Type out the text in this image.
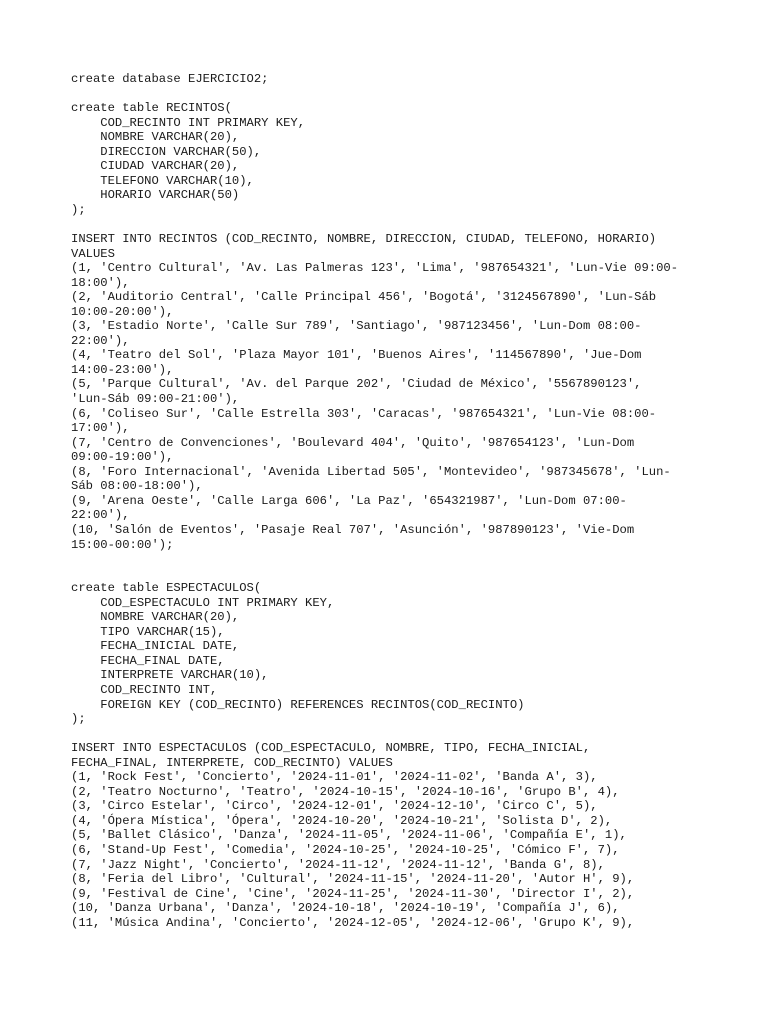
create database EJERCICIO2;
create table RECINTOS(
COD_RECINTO INT PRIMARY KEY,
NOMBRE VARCHAR(20),
DIRECCION VARCHAR(50),
CIUDAD VARCHAR(20),
TELEFONO VARCHAR(10),
HORARIO VARCHAR(50)
);
INSERT INTO RECINTOS (COD_RECINTO, NOMBRE, DIRECCION, CIUDAD, TELEFONO, HORARIO)
VALUES
(1, 'Centro Cultural', 'Av. Las Palmeras 123', 'Lima', '987654321', 'Lun-Vie 09:00-
18:00'),
(2, 'Auditorio Central', 'Calle Principal 456', 'Bogotá', '3124567890', 'Lun-Sáb
10:00-20:00'),
(3, 'Estadio Norte', 'Calle Sur 789', 'Santiago', '987123456', 'Lun-Dom 08:00-
22:00'),
(4, 'Teatro del Sol', 'Plaza Mayor 101', 'Buenos Aires', '114567890', 'Jue-Dom
14:00-23:00'),
(5, 'Parque Cultural', 'Av. del Parque 202', 'Ciudad de México', '5567890123',
'Lun-Sáb 09:00-21:00'),
(6, 'Coliseo Sur', 'Calle Estrella 303', 'Caracas', '987654321', 'Lun-Vie 08:00-
17:00'),
(7, 'Centro de Convenciones', 'Boulevard 404', 'Quito', '987654123', 'Lun-Dom
09:00-19:00'),
(8, 'Foro Internacional', 'Avenida Libertad 505', 'Montevideo', '987345678', 'Lun-
Sáb 08:00-18:00'),
(9, 'Arena Oeste', 'Calle Larga 606', 'La Paz', '654321987', 'Lun-Dom 07:00-
22:00'),
(10, 'Salón de Eventos', 'Pasaje Real 707', 'Asunción', '987890123', 'Vie-Dom
15:00-00:00');
create table ESPECTACULOS(
COD_ESPECTACULO INT PRIMARY KEY,
NOMBRE VARCHAR(20),
TIPO VARCHAR(15),
FECHA_INICIAL DATE,
FECHA_FINAL DATE,
INTERPRETE VARCHAR(10),
COD_RECINTO INT,
FOREIGN KEY (COD_RECINTO) REFERENCES RECINTOS(COD_RECINTO)
);
INSERT INTO ESPECTACULOS (COD_ESPECTACULO, NOMBRE, TIPO, FECHA_INICIAL,
FECHA_FINAL, INTERPRETE, COD_RECINTO) VALUES
(1, 'Rock Fest', 'Concierto', '2024-11-01', '2024-11-02', 'Banda A', 3),
(2, 'Teatro Nocturno', 'Teatro', '2024-10-15', '2024-10-16', 'Grupo B', 4),
(3, 'Circo Estelar', 'Circo', '2024-12-01', '2024-12-10', 'Circo C', 5),
(4, 'Ópera Mística', 'Ópera', '2024-10-20', '2024-10-21', 'Solista D', 2),
(5, 'Ballet Clásico', 'Danza', '2024-11-05', '2024-11-06', 'Compañía E', 1),
(6, 'Stand-Up Fest', 'Comedia', '2024-10-25', '2024-10-25', 'Cómico F', 7),
(7, 'Jazz Night', 'Concierto', '2024-11-12', '2024-11-12', 'Banda G', 8),
(8, 'Feria del Libro', 'Cultural', '2024-11-15', '2024-11-20', 'Autor H', 9),
(9, 'Festival de Cine', 'Cine', '2024-11-25', '2024-11-30', 'Director I', 2),
(10, 'Danza Urbana', 'Danza', '2024-10-18', '2024-10-19', 'Compañía J', 6),
(11, 'Música Andina', 'Concierto', '2024-12-05', '2024-12-06', 'Grupo K', 9),
